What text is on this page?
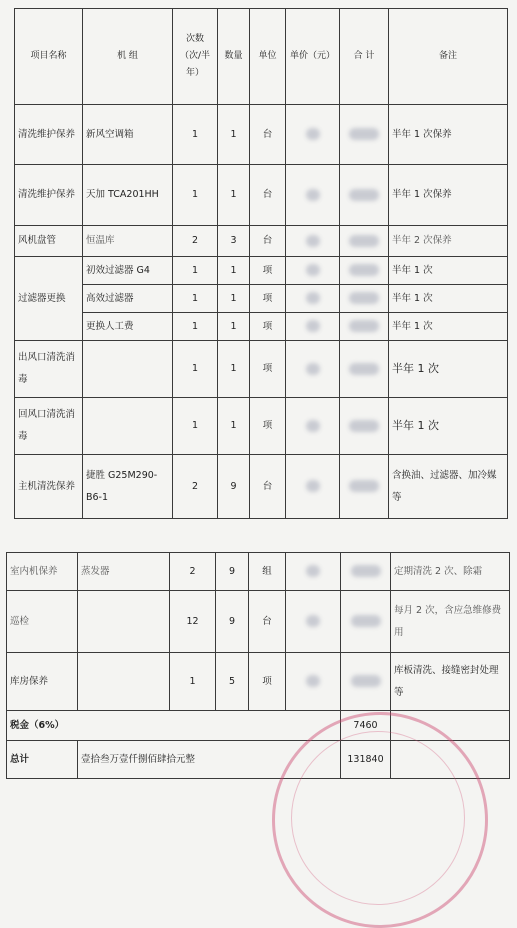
项目名称	机 组	次数（次/半年）	数量	单位	单价（元）	合 计	备注
清洗维护保养	新风空调箱	1	1	台			半年 1 次保养
清洗维护保养	天加 TCA201HH	1	1	台			半年 1 次保养
风机盘管	恒温库	2	3	台			半年 2 次保养
过滤器更换	初效过滤器 G4	1	1	项			半年 1 次
	高效过滤器	1	1	项			半年 1 次
	更换人工费	1	1	项			半年 1 次
出风口清洗消毒		1	1	项			半年 1 次
回风口清洗消毒		1	1	项			半年 1 次
主机清洗保养	捷胜 G25M290-B6-1	2	9	台			含换油、过滤器、加冷媒等
室内机保养	蒸发器	2	9	组			定期清洗 2 次、除霜
巡检		12	9	台			每月 2 次，含应急维修费用
库房保养		1	5	项			库板清洗、接缝密封处理等
税金（6%）						7460	
总计	壹拾叁万壹仟捌佰肆拾元整					131840	
